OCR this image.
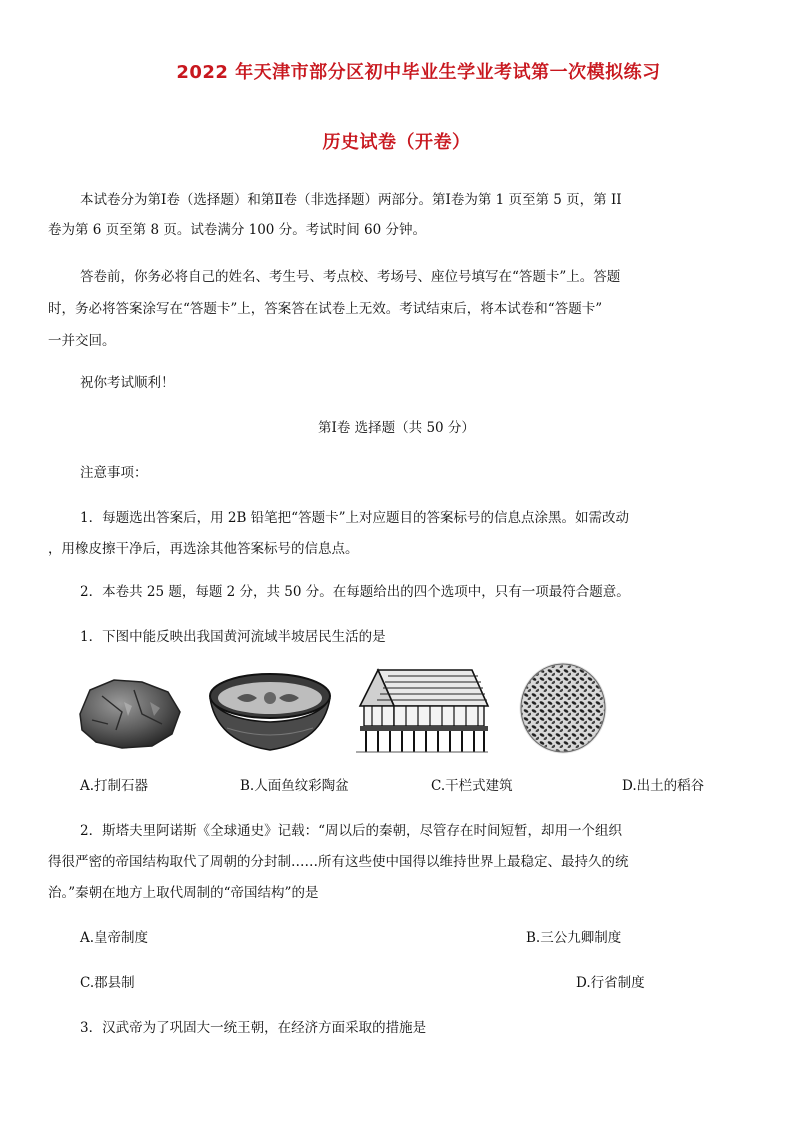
2022 年天津市部分区初中毕业生学业考试第一次模拟练习
历史试卷（开卷）
本试卷分为第Ⅰ卷（选择题）和第Ⅱ卷（非选择题）两部分。第Ⅰ卷为第 1 页至第 5 页，第 II
卷为第 6 页至第 8 页。试卷满分 100 分。考试时间 60 分钟。
答卷前，你务必将自己的姓名、考生号、考点校、考场号、座位号填写在“答题卡”上。答题
时，务必将答案涂写在“答题卡”上，答案答在试卷上无效。考试结束后，将本试卷和“答题卡”
一并交回。
祝你考试顺利！
第Ⅰ卷 选择题（共 50 分）
注意事项：
1．每题选出答案后，用 2B 铅笔把“答题卡”上对应题目的答案标号的信息点涂黑。如需改动
，用橡皮擦干净后，再选涂其他答案标号的信息点。
2．本卷共 25 题，每题 2 分，共 50 分。在每题给出的四个选项中，只有一项最符合题意。
1．下图中能反映出我国黄河流域半坡居民生活的是
A.打制石器	B.人面鱼纹彩陶盆	C.干栏式建筑	D.出土的稻谷
2．斯塔夫里阿诺斯《全球通史》记载：“周以后的秦朝，尽管存在时间短暂，却用一个组织
得很严密的帝国结构取代了周朝的分封制……所有这些使中国得以维持世界上最稳定、最持久的统
治。”秦朝在地方上取代周制的“帝国结构”的是
A.皇帝制度	B.三公九卿制度
C.郡县制	D.行省制度
3．汉武帝为了巩固大一统王朝，在经济方面采取的措施是
